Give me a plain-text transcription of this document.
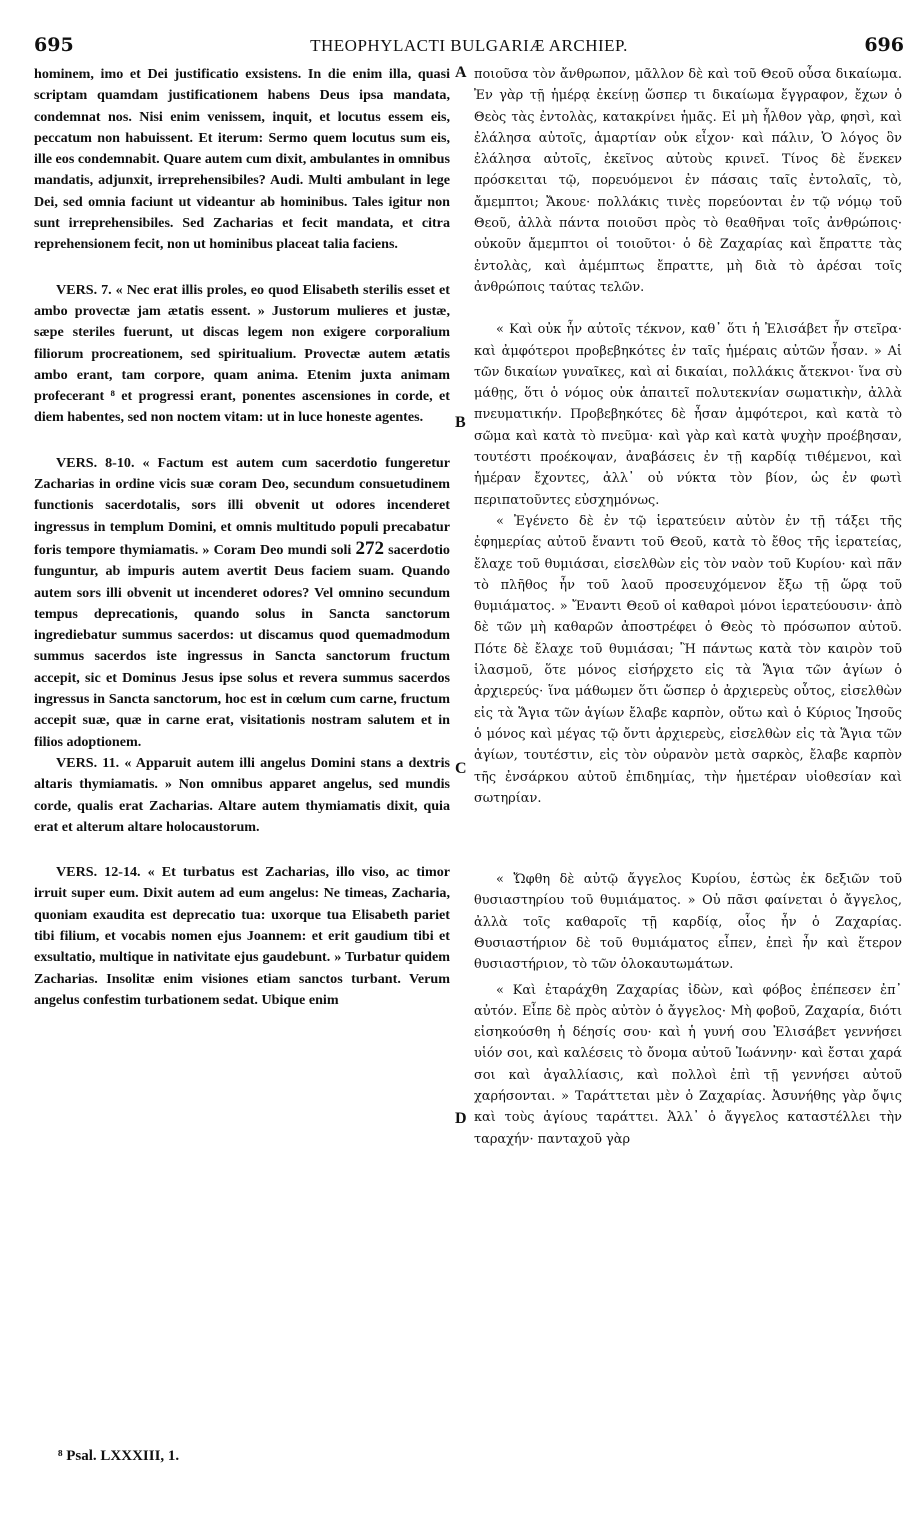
695	THEOPHYLACTI BULGARIÆ ARCHIEP.	696

hominem, imo et Dei justificatio exsistens. In die enim illa, quasi scriptam quamdam justificationem habens Deus ipsa mandata, condemnat nos. Nisi enim venissem, inquit, et locutus essem eis, peccatum non habuissent. Et iterum: Sermo quem locutus sum eis, ille eos condemnabit. Quare autem cum dixit, ambulantes in omnibus mandatis, adjunxit, irreprehensibiles? Audi. Multi ambulant in lege Dei, sed omnia faciunt ut videantur ab hominibus. Tales igitur non sunt irreprehensibiles. Sed Zacharias et fecit mandata, et citra reprehensionem fecit, non ut hominibus placeat talia faciens.

VERS. 7. « Nec erat illis proles, eo quod Elisabeth sterilis esset et ambo provectæ jam ætatis essent. » Justorum mulieres et justæ, sæpe steriles fuerunt, ut discas legem non exigere corporalium filiorum procreationem, sed spiritualium. Provectæ autem ætatis ambo erant, tam corpore, quam anima. Etenim juxta animam profecerant ⁸ et progressi erant, ponentes ascensiones in corde, et diem habentes, sed non noctem vitam: ut in luce honeste agentes.

VERS. 8-10. « Factum est autem cum sacerdotio fungeretur Zacharias in ordine vicis suæ coram Deo, secundum consuetudinem functionis sacerdotalis, sors illi obvenit ut odores incenderet ingressus in templum Domini, et omnis multitudo populi precabatur foris tempore thymiamatis. » Coram Deo mundi soli 272 sacerdotio funguntur, ab impuris autem avertit Deus faciem suam. Quando autem sors illi obvenit ut incenderet odores? Vel omnino secundum tempus deprecationis, quando solus in Sancta sanctorum ingrediebatur summus sacerdos: ut discamus quod quemadmodum summus sacerdos iste ingressus in Sancta sanctorum fructum accepit, sic et Dominus Jesus ipse solus et revera summus sacerdos ingressus in Sancta sanctorum, hoc est in cœlum cum carne, fructum accepit suæ, quæ in carne erat, visitationis nostram salutem et in filios adoptionem.

VERS. 11. « Apparuit autem illi angelus Domini stans a dextris altaris thymiamatis. » Non omnibus apparet angelus, sed mundis corde, qualis erat Zacharias. Altare autem thymiamatis dixit, quia erat et alterum altare holocaustorum.

VERS. 12-14. « Et turbatus est Zacharias, illo viso, ac timor irruit super eum. Dixit autem ad eum angelus: Ne timeas, Zacharia, quoniam exaudita est deprecatio tua: uxorque tua Elisabeth pariet tibi filium, et vocabis nomen ejus Joannem: et erit gaudium tibi et exsultatio, multique in nativitate ejus gaudebunt. » Turbatur quidem Zacharias. Insolitæ enim visiones etiam sanctos turbant. Verum angelus confestim turbationem sedat. Ubique enim

A
B
C
D

ποιοῦσα τὸν ἄνθρωπον, μᾶλλον δὲ καὶ τοῦ Θεοῦ οὖσα δικαίωμα. Ἐν γὰρ τῇ ἡμέρᾳ ἐκείνῃ ὥσπερ τι δικαίωμα ἔγγραφον, ἔχων ὁ Θεὸς τὰς ἐντολὰς, κατακρίνει ἡμᾶς. Εἰ μὴ ἦλθον γὰρ, φησὶ, καὶ ἐλάλησα αὐτοῖς, ἁμαρτίαν οὐκ εἶχον· καὶ πάλιν, Ὁ λόγος ὃν ἐλάλησα αὐτοῖς, ἐκεῖνος αὐτοὺς κρινεῖ. Τίνος δὲ ἕνεκεν πρόσκειται τῷ, πορευόμενοι ἐν πάσαις ταῖς ἐντολαῖς, τὸ, ἄμεμπτοι; Ἄκουε· πολλάκις τινὲς πορεύονται ἐν τῷ νόμῳ τοῦ Θεοῦ, ἀλλὰ πάντα ποιοῦσι πρὸς τὸ θεαθῆναι τοῖς ἀνθρώποις· οὐκοῦν ἄμεμπτοι οἱ τοιοῦτοι· ὁ δὲ Ζαχαρίας καὶ ἔπραττε τὰς ἐντολὰς, καὶ ἀμέμπτως ἔπραττε, μὴ διὰ τὸ ἀρέσαι τοῖς ἀνθρώποις ταύτας τελῶν.

« Καὶ οὐκ ἦν αὐτοῖς τέκνον, καθ᾽ ὅτι ἡ Ἐλισάβετ ἦν στεῖρα· καὶ ἀμφότεροι προβεβηκότες ἐν ταῖς ἡμέραις αὐτῶν ἦσαν. » Αἱ τῶν δικαίων γυναῖκες, καὶ αἱ δικαίαι, πολλάκις ἄτεκνοι· ἵνα σὺ μάθῃς, ὅτι ὁ νόμος οὐκ ἀπαιτεῖ πολυτεκνίαν σωματικὴν, ἀλλὰ πνευματικήν. Προβεβηκότες δὲ ἦσαν ἀμφότεροι, καὶ κατὰ τὸ σῶμα καὶ κατὰ τὸ πνεῦμα· καὶ γὰρ καὶ κατὰ ψυχὴν προέβησαν, τουτέστι προέκοψαν, ἀναβάσεις ἐν τῇ καρδίᾳ τιθέμενοι, καὶ ἡμέραν ἔχοντες, ἀλλ᾽ οὐ νύκτα τὸν βίον, ὡς ἐν φωτὶ περιπατοῦντες εὐσχημόνως.

« Ἐγένετο δὲ ἐν τῷ ἱερατεύειν αὐτὸν ἐν τῇ τάξει τῆς ἐφημερίας αὐτοῦ ἔναντι τοῦ Θεοῦ, κατὰ τὸ ἔθος τῆς ἱερατείας, ἔλαχε τοῦ θυμιάσαι, εἰσελθὼν εἰς τὸν ναὸν τοῦ Κυρίου· καὶ πᾶν τὸ πλῆθος ἦν τοῦ λαοῦ προσευχόμενον ἔξω τῇ ὥρᾳ τοῦ θυμιάματος. » Ἔναντι Θεοῦ οἱ καθαροὶ μόνοι ἱερατεύουσιν· ἀπὸ δὲ τῶν μὴ καθαρῶν ἀποστρέφει ὁ Θεὸς τὸ πρόσωπον αὐτοῦ. Πότε δὲ ἔλαχε τοῦ θυμιάσαι; Ἢ πάντως κατὰ τὸν καιρὸν τοῦ ἱλασμοῦ, ὅτε μόνος εἰσήρχετο εἰς τὰ Ἅγια τῶν ἁγίων ὁ ἀρχιερεύς· ἵνα μάθωμεν ὅτι ὥσπερ ὁ ἀρχιερεὺς οὗτος, εἰσελθὼν εἰς τὰ Ἅγια τῶν ἁγίων ἔλαβε καρπὸν, οὕτω καὶ ὁ Κύριος Ἰησοῦς ὁ μόνος καὶ μέγας τῷ ὄντι ἀρχιερεὺς, εἰσελθὼν εἰς τὰ Ἅγια τῶν ἁγίων, τουτέστιν, εἰς τὸν οὐρανὸν μετὰ σαρκὸς, ἔλαβε καρπὸν τῆς ἐνσάρκου αὐτοῦ ἐπιδημίας, τὴν ἡμετέραν υἱοθεσίαν καὶ σωτηρίαν.

« Ὤφθη δὲ αὐτῷ ἄγγελος Κυρίου, ἑστὼς ἐκ δεξιῶν τοῦ θυσιαστηρίου τοῦ θυμιάματος. » Οὐ πᾶσι φαίνεται ὁ ἄγγελος, ἀλλὰ τοῖς καθαροῖς τῇ καρδίᾳ, οἷος ἦν ὁ Ζαχαρίας. Θυσιαστήριον δὲ τοῦ θυμιάματος εἶπεν, ἐπεὶ ἦν καὶ ἕτερον θυσιαστήριον, τὸ τῶν ὁλοκαυτωμάτων.

« Καὶ ἐταράχθη Ζαχαρίας ἰδὼν, καὶ φόβος ἐπέπεσεν ἐπ᾽ αὐτόν. Εἶπε δὲ πρὸς αὐτὸν ὁ ἄγγελος· Μὴ φοβοῦ, Ζαχαρία, διότι εἰσηκούσθη ἡ δέησίς σου· καὶ ἡ γυνή σου Ἐλισάβετ γεννήσει υἱόν σοι, καὶ καλέσεις τὸ ὄνομα αὐτοῦ Ἰωάννην· καὶ ἔσται χαρά σοι καὶ ἀγαλλίασις, καὶ πολλοὶ ἐπὶ τῇ γεννήσει αὐτοῦ χαρήσονται. » Ταράττεται μὲν ὁ Ζαχαρίας. Ἀσυνήθης γὰρ ὄψις καὶ τοὺς ἁγίους ταράττει. Ἀλλ᾽ ὁ ἄγγελος καταστέλλει τὴν ταραχήν· πανταχοῦ γὰρ

⁸ Psal. LXXXIII, 1.
